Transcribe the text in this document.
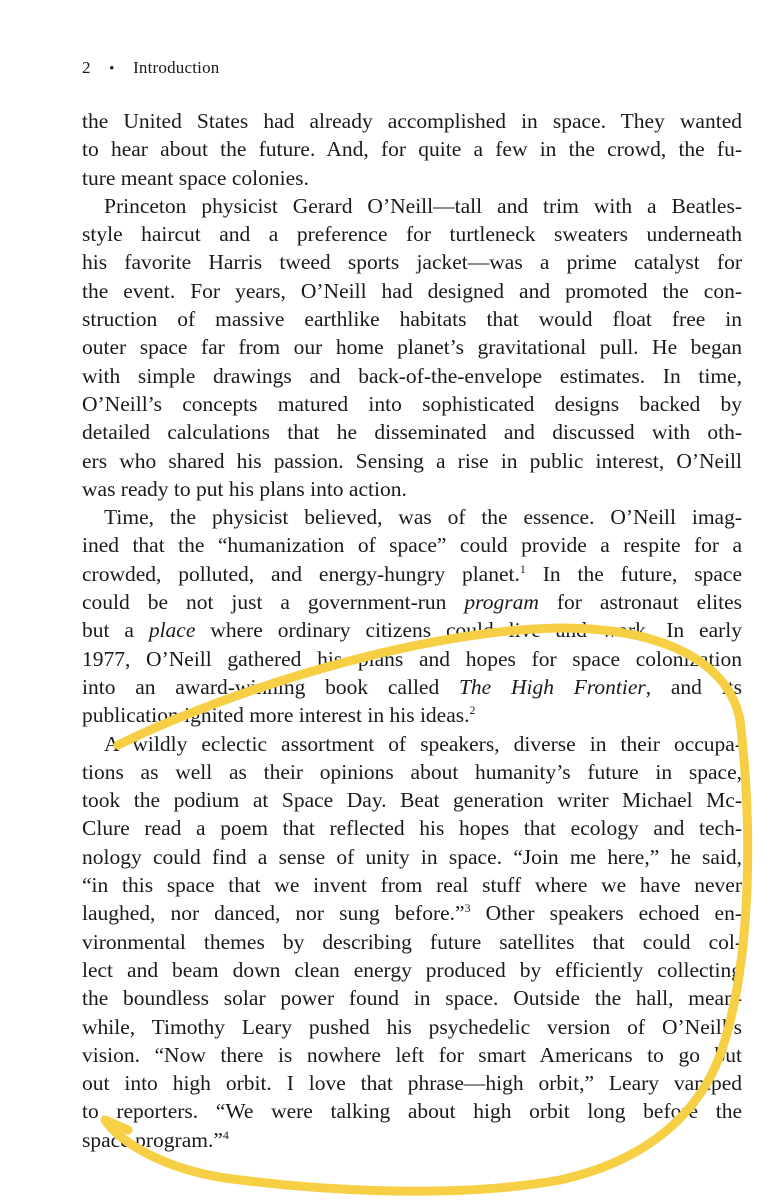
2 • Introduction
the United States had already accomplished in space. They wanted
to hear about the future. And, for quite a few in the crowd, the fu-
ture meant space colonies.
Princeton physicist Gerard O’Neill—tall and trim with a Beatles-
style haircut and a preference for turtleneck sweaters underneath
his favorite Harris tweed sports jacket—was a prime catalyst for
the event. For years, O’Neill had designed and promoted the con-
struction of massive earthlike habitats that would float free in
outer space far from our home planet’s gravitational pull. He began
with simple drawings and back-of-the-envelope estimates. In time,
O’Neill’s concepts matured into sophisticated designs backed by
detailed calculations that he disseminated and discussed with oth-
ers who shared his passion. Sensing a rise in public interest, O’Neill
was ready to put his plans into action.
Time, the physicist believed, was of the essence. O’Neill imag-
ined that the “humanization of space” could provide a respite for a
crowded, polluted, and energy-hungry planet.$^1$ In the future, space
could be not just a government-run program for astronaut elites
but a place where ordinary citizens could live and work. In early
1977, O’Neill gathered his plans and hopes for space colonization
into an award-winning book called The High Frontier, and its
publication ignited more interest in his ideas.$^2$
A wildly eclectic assortment of speakers, diverse in their occupa-
tions as well as their opinions about humanity’s future in space,
took the podium at Space Day. Beat generation writer Michael Mc-
Clure read a poem that reflected his hopes that ecology and tech-
nology could find a sense of unity in space. “Join me here,” he said,
“in this space that we invent from real stuff where we have never
laughed, nor danced, nor sung before.”$^3$ Other speakers echoed en-
vironmental themes by describing future satellites that could col-
lect and beam down clean energy produced by efficiently collecting
the boundless solar power found in space. Outside the hall, mean-
while, Timothy Leary pushed his psychedelic version of O’Neill’s
vision. “Now there is nowhere left for smart Americans to go but
out into high orbit. I love that phrase—high orbit,” Leary vamped
to reporters. “We were talking about high orbit long before the
space program.”$^4$
